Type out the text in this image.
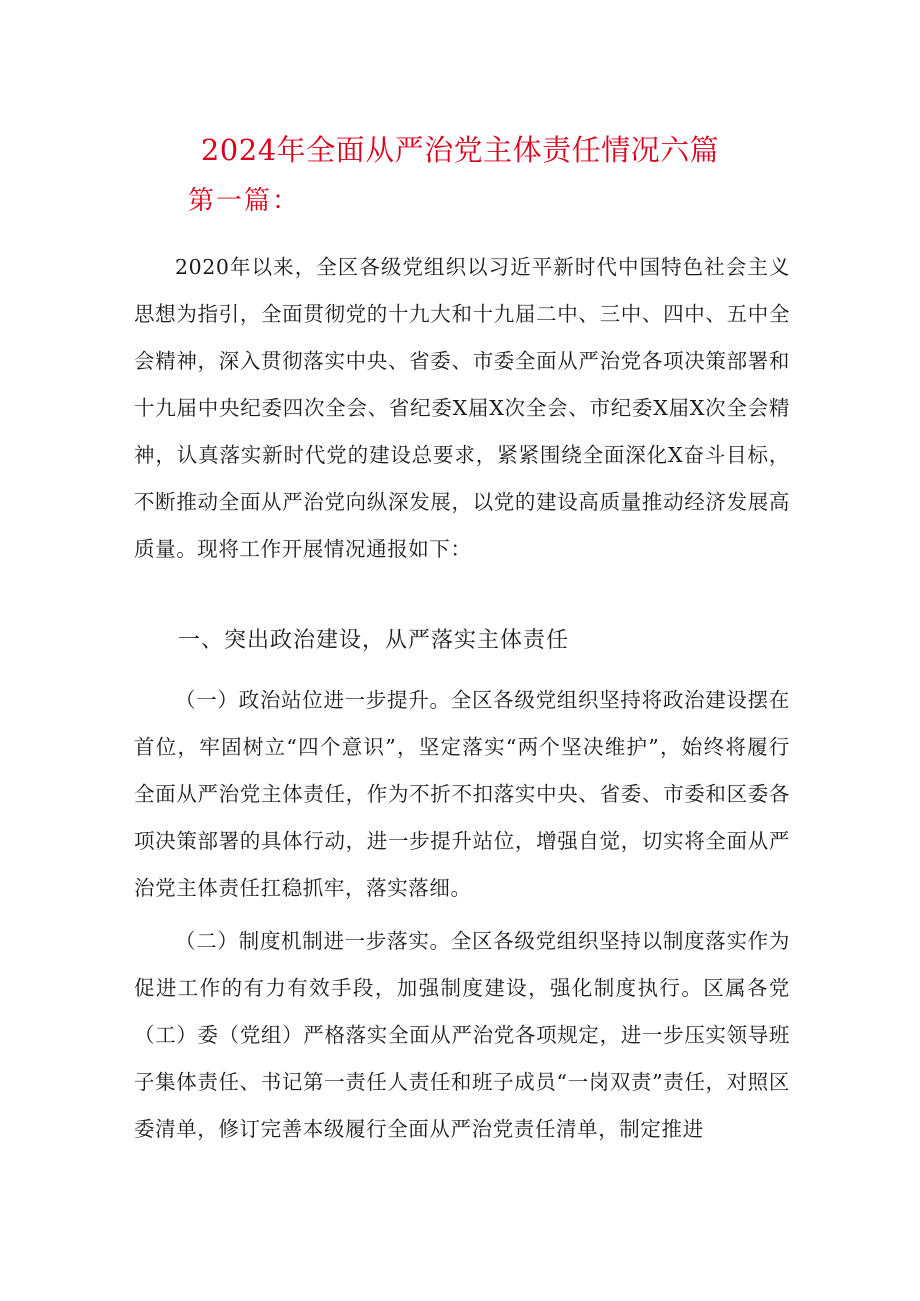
2024年全面从严治党主体责任情况六篇
第一篇：

2020年以来，全区各级党组织以习近平新时代中国特色社会主义思想为指引，全面贯彻党的十九大和十九届二中、三中、四中、五中全会精神，深入贯彻落实中央、省委、市委全面从严治党各项决策部署和十九届中央纪委四次全会、省纪委X届X次全会、市纪委X届X次全会精神，认真落实新时代党的建设总要求，紧紧围绕全面深化X奋斗目标，不断推动全面从严治党向纵深发展，以党的建设高质量推动经济发展高质量。现将工作开展情况通报如下：

一、突出政治建设，从严落实主体责任

（一）政治站位进一步提升。全区各级党组织坚持将政治建设摆在首位，牢固树立“四个意识”，坚定落实“两个坚决维护”，始终将履行全面从严治党主体责任，作为不折不扣落实中央、省委、市委和区委各项决策部署的具体行动，进一步提升站位，增强自觉，切实将全面从严治党主体责任扛稳抓牢，落实落细。

（二）制度机制进一步落实。全区各级党组织坚持以制度落实作为促进工作的有力有效手段，加强制度建设，强化制度执行。区属各党（工）委（党组）严格落实全面从严治党各项规定，进一步压实领导班子集体责任、书记第一责任人责任和班子成员“一岗双责”责任，对照区委清单，修订完善本级履行全面从严治党责任清单，制定推进
